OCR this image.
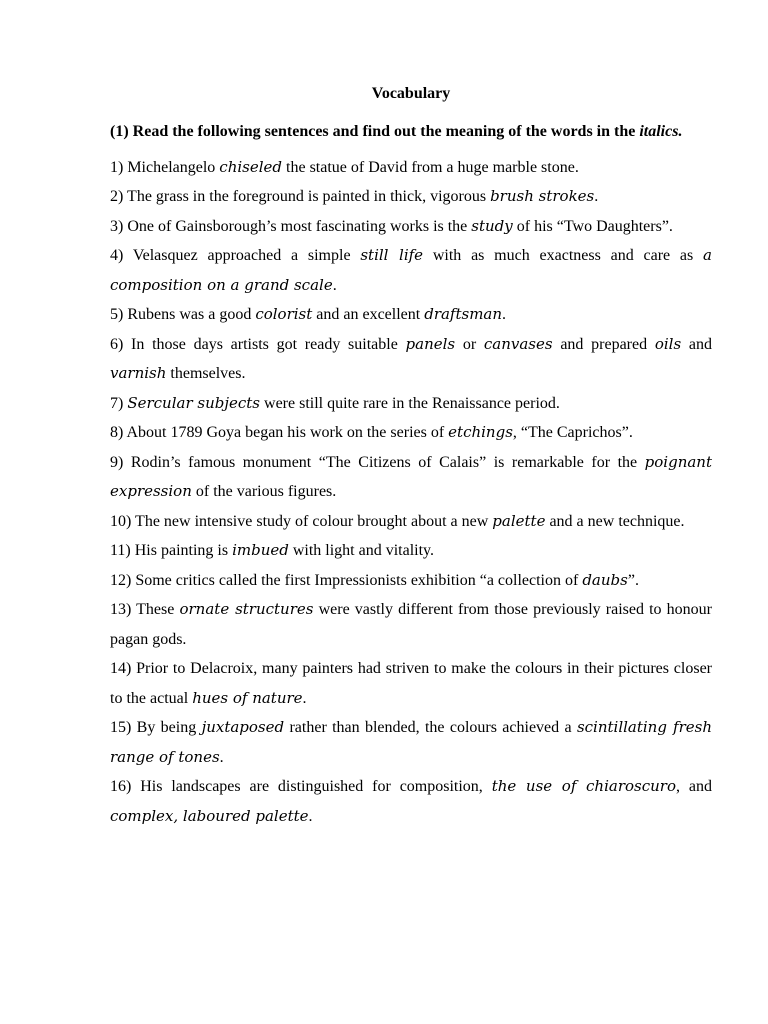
Vocabulary
(1) Read the following sentences and find out the meaning of the words in the italics.
1) Michelangelo chiseled the statue of David from a huge marble stone.
2) The grass in the foreground is painted in thick, vigorous brush strokes.
3) One of Gainsborough’s most fascinating works is the study of his “Two Daughters”.
4) Velasquez approached a simple still life with as much exactness and care as a composition on a grand scale.
5) Rubens was a good colorist and an excellent draftsman.
6) In those days artists got ready suitable panels or canvases and prepared oils and varnish themselves.
7) Sercular subjects were still quite rare in the Renaissance period.
8) About 1789 Goya began his work on the series of etchings, “The Caprichos”.
9) Rodin’s famous monument “The Citizens of Calais” is remarkable for the poignant expression of the various figures.
10) The new intensive study of colour brought about a new palette and a new technique.
11) His painting is imbued with light and vitality.
12) Some critics called the first Impressionists exhibition “a collection of daubs”.
13) These ornate structures were vastly different from those previously raised to honour pagan gods.
14) Prior to Delacroix, many painters had striven to make the colours in their pictures closer to the actual hues of nature.
15) By being juxtaposed rather than blended, the colours achieved a scintillating fresh range of tones.
16) His landscapes are distinguished for composition, the use of chiaroscuro, and complex, laboured palette.
